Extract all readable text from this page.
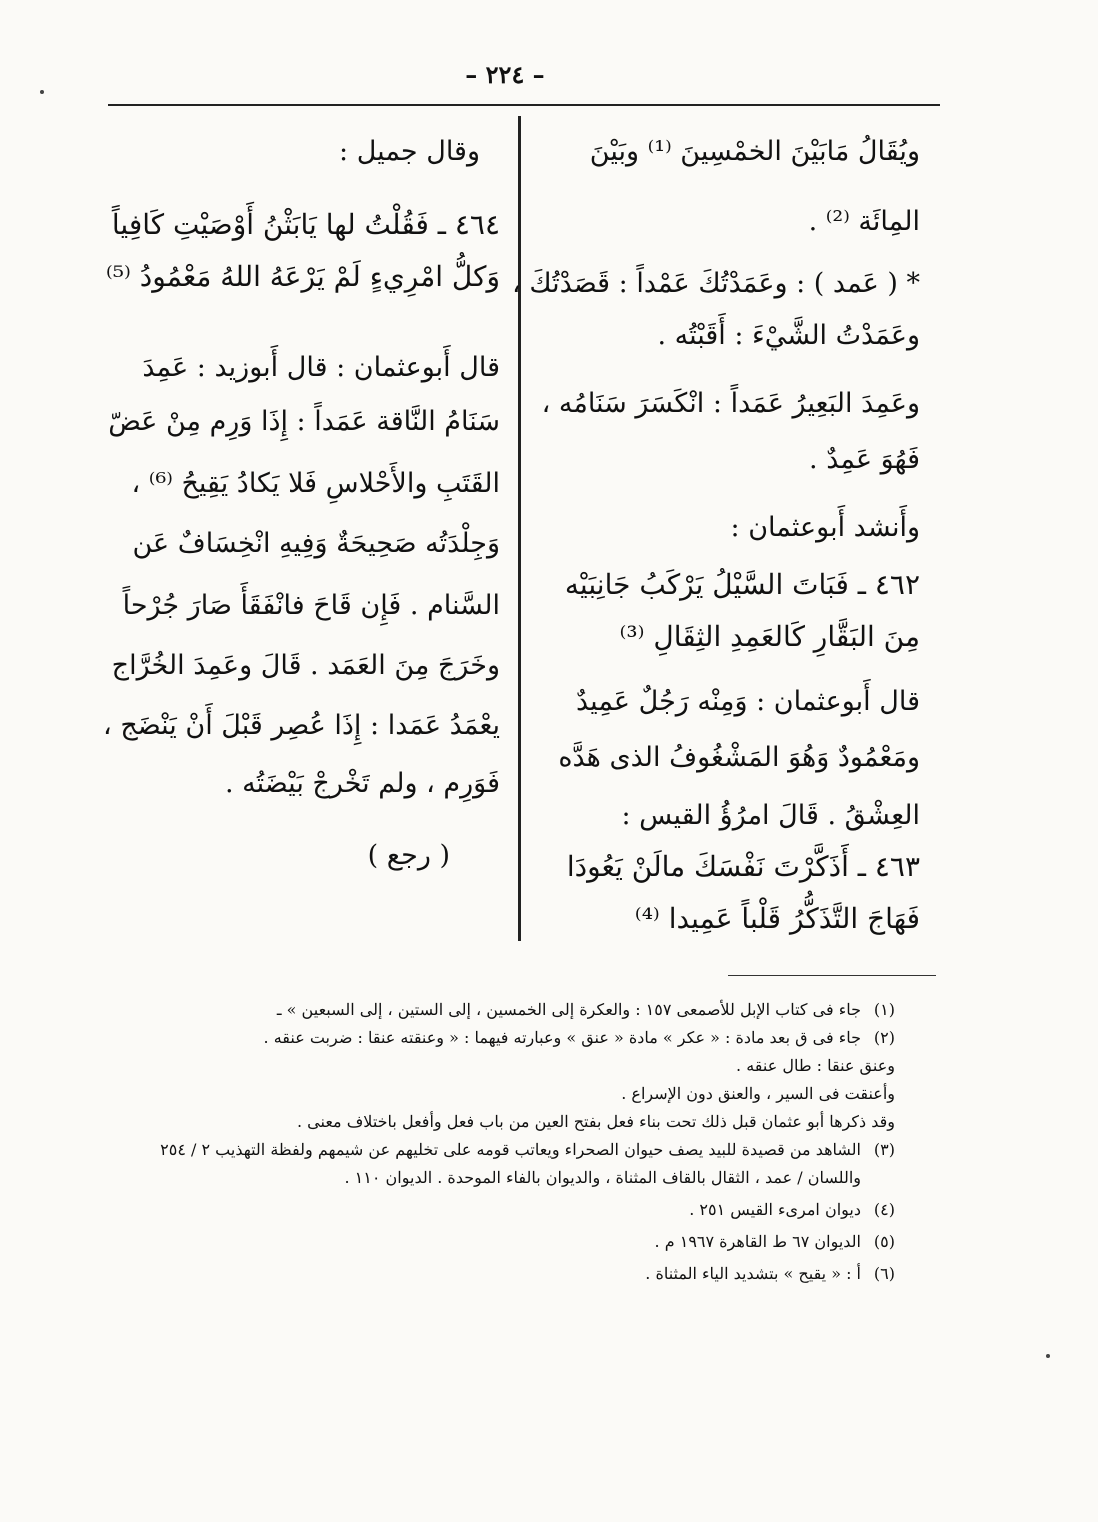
– ٢٢٤ –

ويُقَالُ مَابَيْنَ الخمْسِينَ ⁽¹⁾ وبَيْنَ

المِائَة ⁽²⁾ .

* ( عَمد ) : وعَمَدْتُكَ عَمْداً : قَصَدْتُكَ ،

وعَمَدْتُ الشَّيْءَ : أَقَبْتُه .

وعَمِدَ البَعِيرُ عَمَداً : انْكَسَرَ سَنَامُه ،

فَهُوَ عَمِدٌ .

وأَنشد أَبوعثمان :

٤٦٢ ـ فَبَاتَ السَّيْلُ يَرْكَبُ جَانِبَيْه

مِنَ البَقَّارِ كَالعَمِدِ الثِقَالِ ⁽³⁾

قال أَبوعثمان : وَمِنْه رَجُلٌ عَمِيدٌ

ومَعْمُودٌ وَهُوَ المَشْغُوفُ الذى هَدَّه

العِشْقُ . قَالَ امرُؤُ القيس :

٤٦٣ ـ أَذَكَّرْتَ نَفْسَكَ مالَنْ يَعُودَا

فَهَاجَ التَّذَكُّرُ قَلْباً عَمِيدا ⁽⁴⁾

وقال جميل :

٤٦٤ ـ فَقُلْتُ لها يَابَثْنُ أَوْصَيْتِ كَافِياً

وَكلُّ امْرِيءٍ لَمْ يَرْعَهُ اللهُ مَعْمُودُ ⁽⁵⁾

قال أَبوعثمان : قال أَبوزيد : عَمِدَ

سَنَامُ النَّاقة عَمَداً : إِذَا وَرِم مِنْ عَضّ

القَتَبِ والأَحْلاسِ فَلا يَكادُ يَقِيحُ ⁽⁶⁾ ،

وَجِلْدَتُه صَحِيحَةٌ وَفِيهِ انْخِسَافٌ عَن

السَّنام . فَإِن قَاحَ فانْفَقَأَ صَارَ جُرْحاً

وخَرَجَ مِنَ العَمَد . قَالَ وعَمِدَ الخُرَّاج

يعْمَدُ عَمَدا : إِذَا عُصِر قَبْلَ أَنْ يَنْضَج ،

فَوَرِم ، ولم تَخْرجْ بَيْضَتُه .

( رجع )

(١)جاء فى كتاب الإبل للأصمعى ١٥٧ : والعكرة إلى الخمسين ، إلى الستين ، إلى السبعين » ـ

(٢)جاء فى ق بعد مادة : « عكر » مادة « عنق » وعبارته فيهما : « وعنقته عنقا : ضربت عنقه .

وعنق عنقا : طال عنقه .

وأعنقت فى السير ، والعنق دون الإسراع .

وقد ذكرها أبو عثمان قبل ذلك تحت بناء فعل بفتح العين من باب فعل وأفعل باختلاف معنى .

(٣)الشاهد من قصيدة للبيد يصف حيوان الصحراء ويعاتب قومه على تخليهم عن شيمهم ولفظة التهذيب ٢ / ٢٥٤

واللسان / عمد ، الثقال بالقاف المثناة ، والديوان بالفاء الموحدة . الديوان ١١٠ .

(٤)ديوان امرىء القيس ٢٥١ .

(٥)الديوان ٦٧ ط القاهرة ١٩٦٧ م .

(٦)أ : « يقيح » بتشديد الياء المثناة .
